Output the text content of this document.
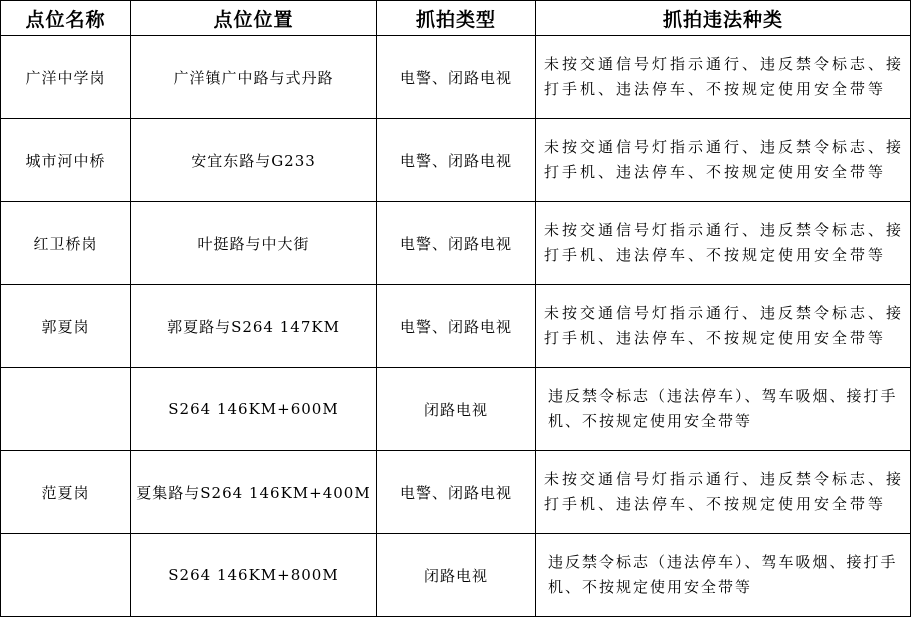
点位名称	点位位置	抓拍类型	抓拍违法种类
广洋中学岗	广洋镇广中路与式丹路	电警、闭路电视	未按交通信号灯指示通行、违反禁令标志、接打手机、违法停车、不按规定使用安全带等
城市河中桥	安宜东路与G233	电警、闭路电视	未按交通信号灯指示通行、违反禁令标志、接打手机、违法停车、不按规定使用安全带等
红卫桥岗	叶挺路与中大街	电警、闭路电视	未按交通信号灯指示通行、违反禁令标志、接打手机、违法停车、不按规定使用安全带等
郭夏岗	郭夏路与S264 147KM	电警、闭路电视	未按交通信号灯指示通行、违反禁令标志、接打手机、违法停车、不按规定使用安全带等
	S264 146KM+600M	闭路电视	违反禁令标志（违法停车）、驾车吸烟、接打手机、不按规定使用安全带等
范夏岗	夏集路与S264 146KM+400M	电警、闭路电视	未按交通信号灯指示通行、违反禁令标志、接打手机、违法停车、不按规定使用安全带等
	S264 146KM+800M	闭路电视	违反禁令标志（违法停车）、驾车吸烟、接打手机、不按规定使用安全带等
